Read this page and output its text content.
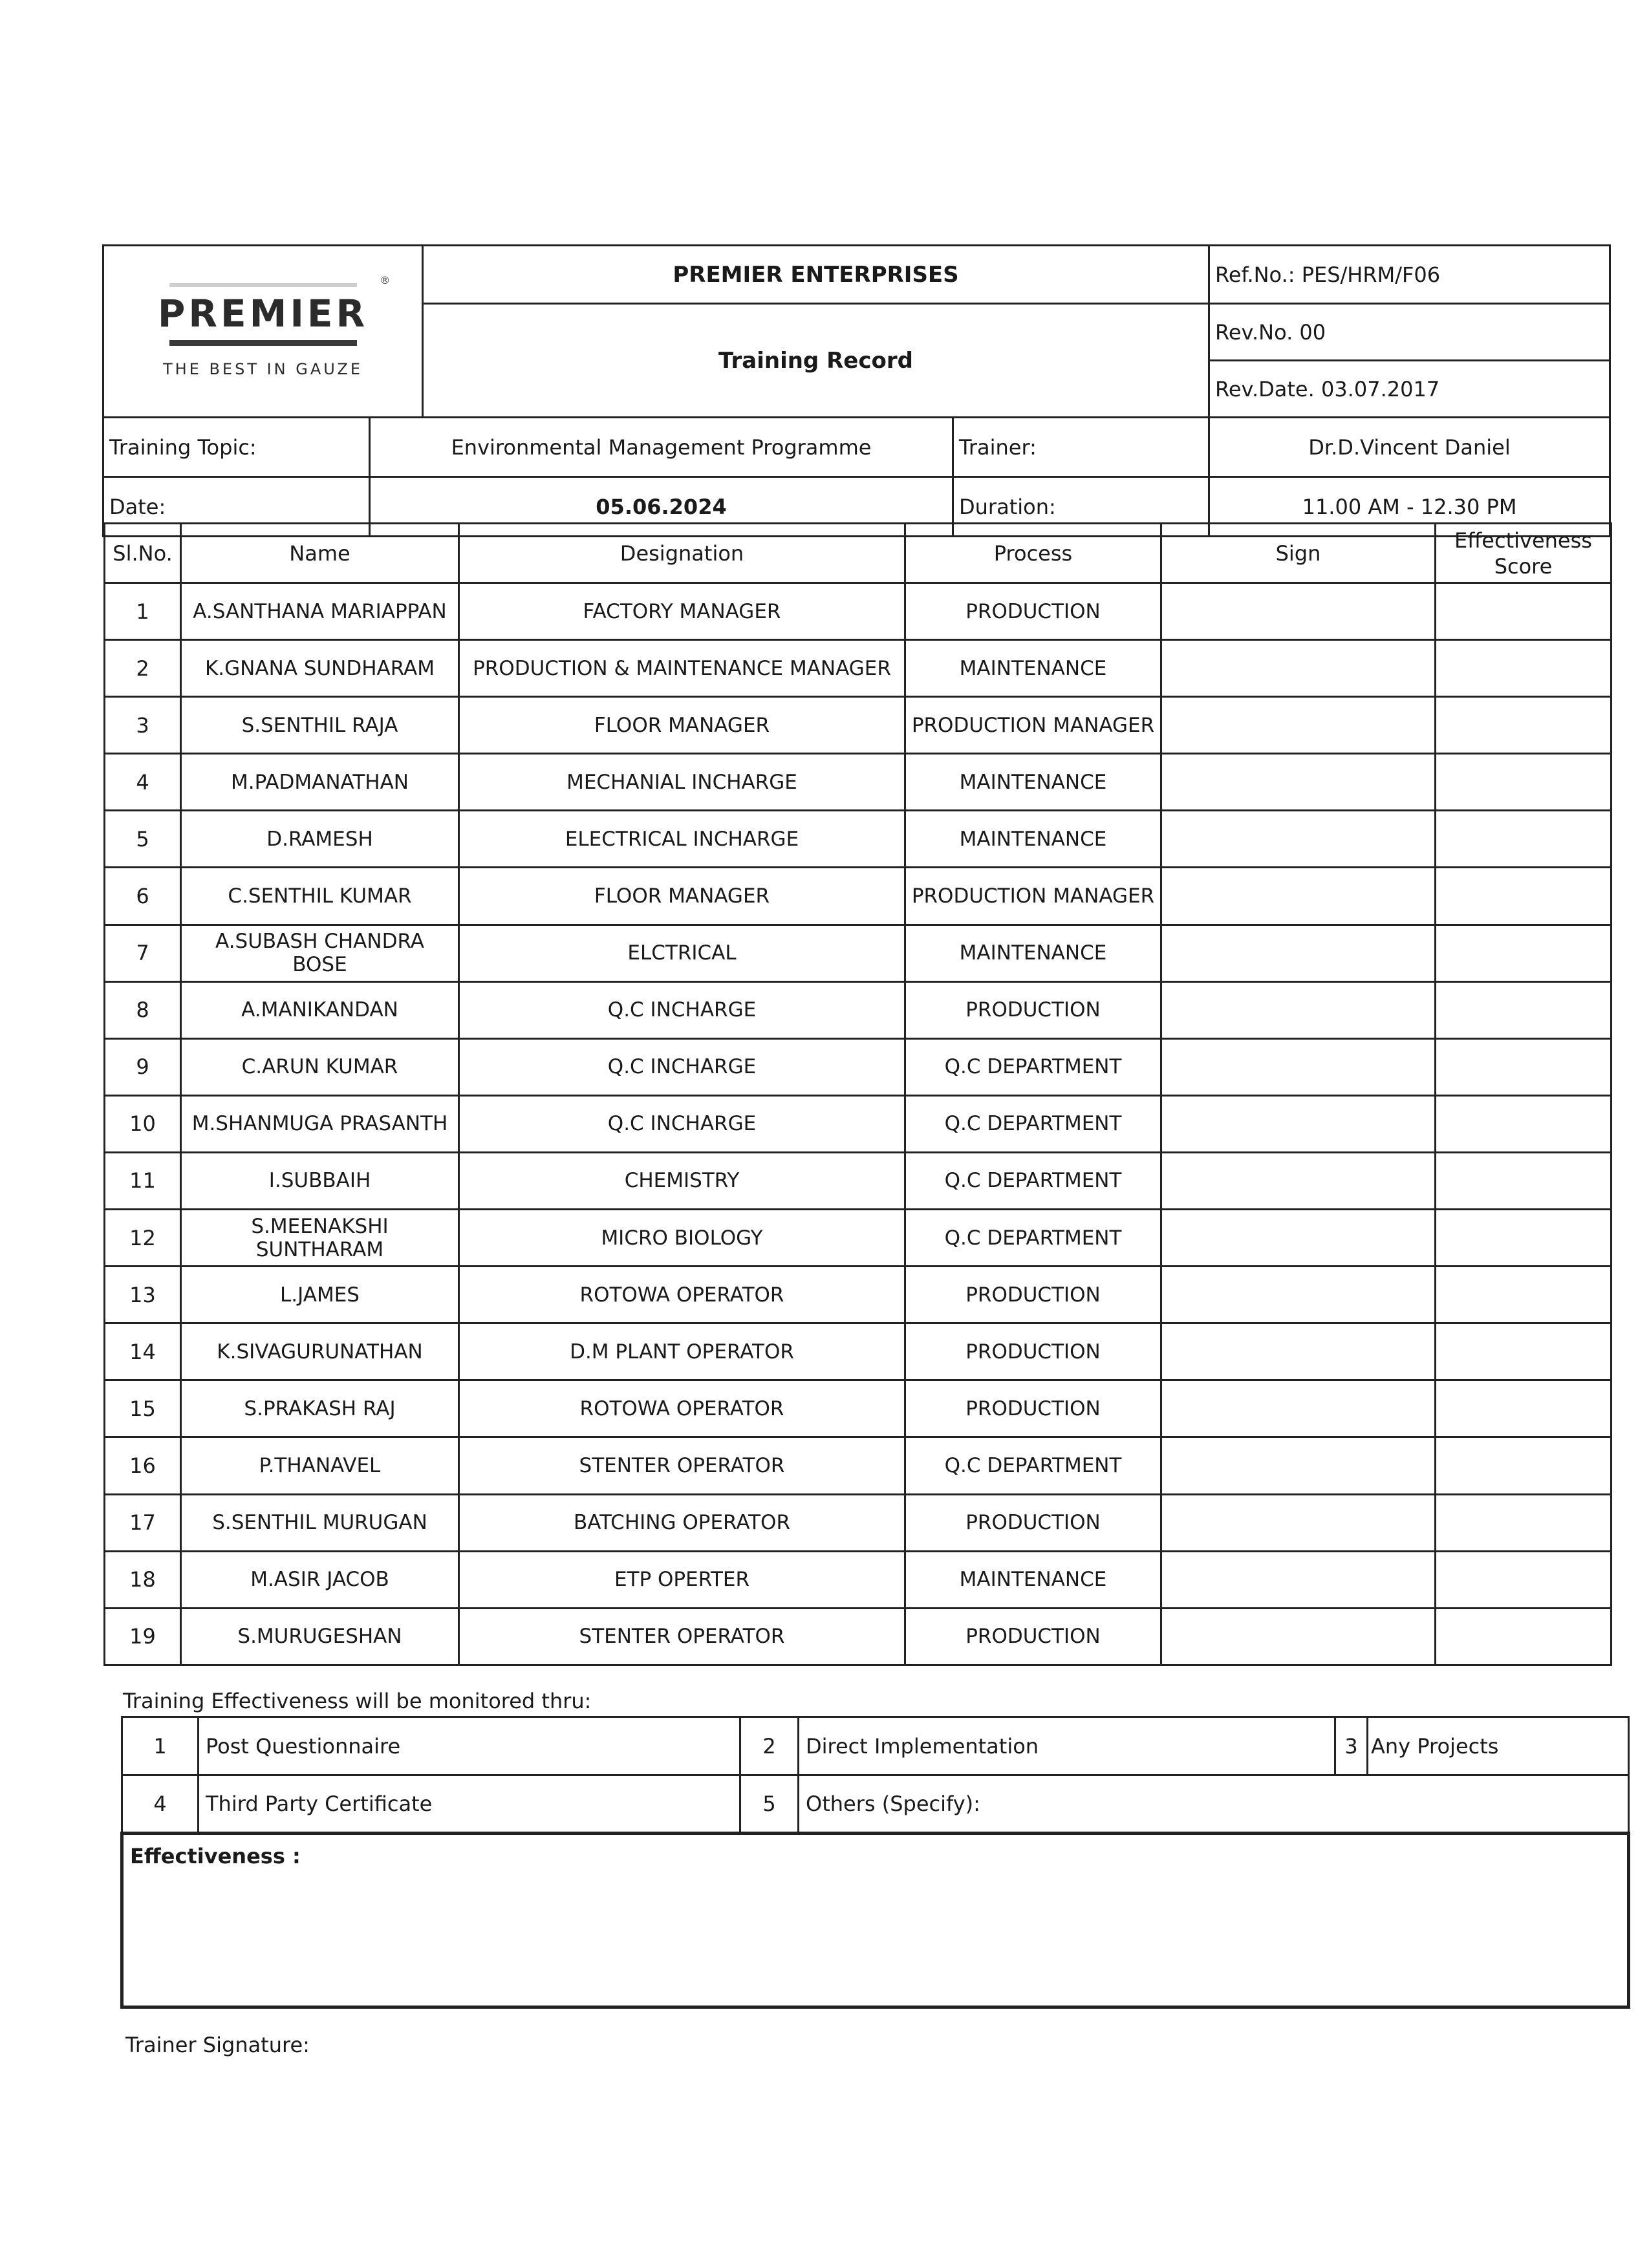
®
PREMIER
THE BEST IN GAUZE		PREMIER ENTERPRISES		Ref.No.: PES/HRM/F06
		Training Record		Rev.No. 00
				Rev.Date. 03.07.2017
Training Topic:	Environmental Management Programme		Trainer:	Dr.D.Vincent Daniel
Date:	05.06.2024		Duration:	11.00 AM - 12.30 PM
Sl.No.	Name	Designation	Process	Sign	Effectiveness Score
1	A.SANTHANA MARIAPPAN	FACTORY MANAGER	PRODUCTION		
2	K.GNANA SUNDHARAM	PRODUCTION & MAINTENANCE MANAGER	MAINTENANCE		
3	S.SENTHIL RAJA	FLOOR MANAGER	PRODUCTION MANAGER		
4	M.PADMANATHAN	MECHANIAL INCHARGE	MAINTENANCE		
5	D.RAMESH	ELECTRICAL INCHARGE	MAINTENANCE		
6	C.SENTHIL KUMAR	FLOOR MANAGER	PRODUCTION MANAGER		
7	A.SUBASH CHANDRA BOSE	ELCTRICAL	MAINTENANCE		
8	A.MANIKANDAN	Q.C INCHARGE	PRODUCTION		
9	C.ARUN KUMAR	Q.C INCHARGE	Q.C DEPARTMENT		
10	M.SHANMUGA PRASANTH	Q.C INCHARGE	Q.C DEPARTMENT		
11	I.SUBBAIH	CHEMISTRY	Q.C DEPARTMENT		
12	S.MEENAKSHI SUNTHARAM	MICRO BIOLOGY	Q.C DEPARTMENT		
13	L.JAMES	ROTOWA OPERATOR	PRODUCTION		
14	K.SIVAGURUNATHAN	D.M PLANT OPERATOR	PRODUCTION		
15	S.PRAKASH RAJ	ROTOWA OPERATOR	PRODUCTION		
16	P.THANAVEL	STENTER OPERATOR	Q.C DEPARTMENT		
17	S.SENTHIL MURUGAN	BATCHING OPERATOR	PRODUCTION		
18	M.ASIR JACOB	ETP OPERTER	MAINTENANCE		
19	S.MURUGESHAN	STENTER OPERATOR	PRODUCTION		
Training Effectiveness will be monitored thru:
1	Post Questionnaire	2	Direct Implementation	3	Any Projects
4	Third Party Certificate	5	Others (Specify):		
Effectiveness :					
Trainer Signature:
